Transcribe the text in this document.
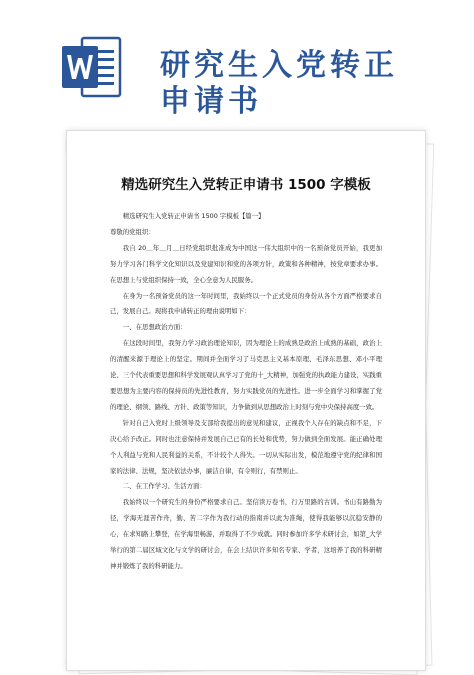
研究生入党转正
申请书
精选研究生入党转正申请书 1500 字模板

精选研究生入党转正申请书 1500 字模板【篇一】

尊敬的党组织：

我自 20＿年＿月＿日经党组织批准成为中国这一伟大组织中的一名预备党员开始，我更加努力学习各门科学文化知识以及党建知识和党的各项方针，政策和各种精神，按党章要求办事。在思想上与党组织保持一致，全心全意为人民服务。

在身为一名预备党员的这一年时间里，我始终以一个正式党员的身份从各个方面严格要求自己，发展自己。现将我申请转正的理由说明如下：

一、在思想政治方面：

在这段时间里，我努力学习政治理论知识，因为理论上的成熟是政治上成熟的基础，政治上的清醒来源于理论上的坚定。期间并全面学习了马克思主义基本原理、毛泽东思想、邓小平理论、三个代表重要思想和科学发展观认真学习了党的十_大精神，加强党的执政能力建设，实践重要思想为主要内容的保持员的先进性教育，努力实践党员的先进性。进一步全面学习和掌握了党的理论、纲领、路线、方针、政策等知识，力争做到从思想政治上时刻与党中央保持高度一致。

针对自己入党时上级领导及支部给我提出的意见和建议，正视我个人存在的缺点和不足，下决心给予改正。同时也注意保持并发展自己已有的长处和优势，努力做到全面发展。能正确处理个人利益与党和人民利益的关系，不计较个人得失。一切从实际出发，模范地遵守党的纪律和国家的法律、法规，坚决依法办事，廉洁自律，有令则行，有禁则止。

二、在工作学习、生活方面：

我始终以一个研究生的身份严格要求自己。坚信读万卷书，行万里路的古训。书山有路勤为径，学海无涯苦作舟，勤、苦二字作为我行动的指南并以此为准绳，使得我能够以沉稳安静的心，在求知路上攀登，在学海里畅游，并取得了不少成就。同时参加许多学术研讨会，如第_大学举行的第二届区域文化与文学的研讨会，在会上结识许多知名专家、学者，这培养了我的科研精神并锻炼了我的科研能力。
